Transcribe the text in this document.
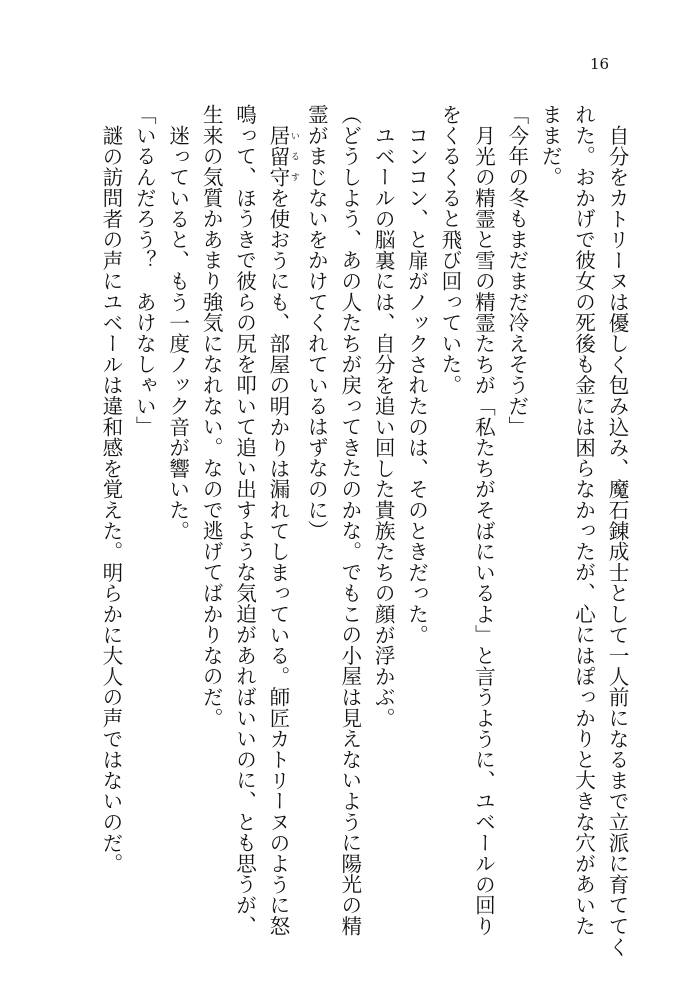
16

自分をカトリーヌは優しく包み込み、魔石錬成士として一人前になるまで立派に育ててく

れた。おかげで彼女の死後も金には困らなかったが、心にはぽっかりと大きな穴があいた

ままだ。

「今年の冬もまだまだ冷えそうだ」

月光の精霊と雪の精霊たちが「私たちがそばにいるよ」と言うように、ユベールの回り

をくるくると飛び回っていた。

コンコン、と扉がノックされたのは、そのときだった。

ユベールの脳裏には、自分を追い回した貴族たちの顔が浮かぶ。

（どうしよう、あの人たちが戻ってきたのかな。でもこの小屋は見えないように陽光の精

霊がまじないをかけてくれているはずなのに）

居留守いるすを使おうにも、部屋の明かりは漏れてしまっている。師匠カトリーヌのように怒

鳴って、ほうきで彼らの尻を叩いて追い出すような気迫があればいいのに、とも思うが、

生来の気質かあまり強気になれない。なので逃げてばかりなのだ。

迷っていると、もう一度ノック音が響いた。

「いるんだろう？　あけなしゃい」

謎の訪問者の声にユベールは違和感を覚えた。明らかに大人の声ではないのだ。
